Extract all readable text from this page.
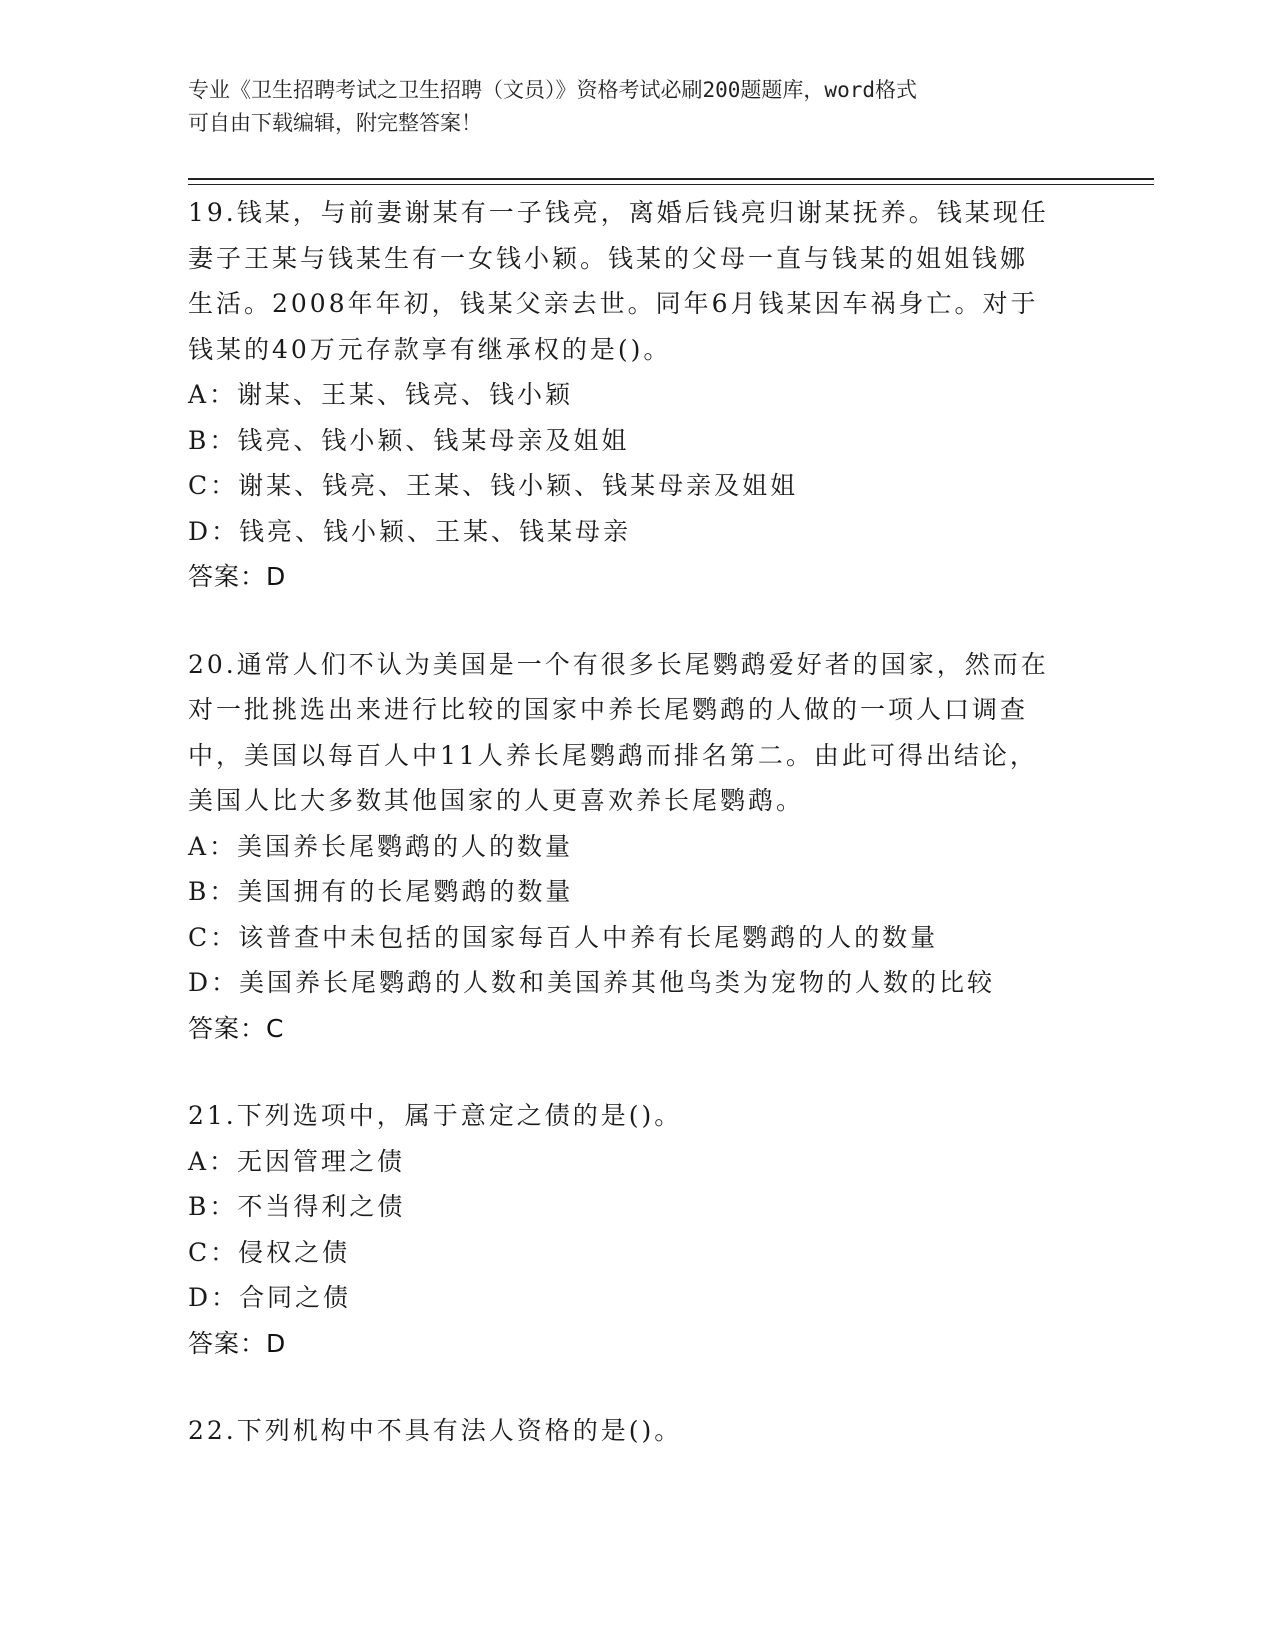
专业《卫生招聘考试之卫生招聘（文员）》资格考试必刷200题题库，word格式

可自由下载编辑，附完整答案！

19.钱某，与前妻谢某有一子钱亮，离婚后钱亮归谢某抚养。钱某现任

妻子王某与钱某生有一女钱小颖。钱某的父母一直与钱某的姐姐钱娜

生活。2008年年初，钱某父亲去世。同年6月钱某因车祸身亡。对于

钱某的40万元存款享有继承权的是()。

A：谢某、王某、钱亮、钱小颖

B：钱亮、钱小颖、钱某母亲及姐姐

C：谢某、钱亮、王某、钱小颖、钱某母亲及姐姐

D：钱亮、钱小颖、王某、钱某母亲

答案：D

20.通常人们不认为美国是一个有很多长尾鹦鹉爱好者的国家，然而在

对一批挑选出来进行比较的国家中养长尾鹦鹉的人做的一项人口调查

中，美国以每百人中11人养长尾鹦鹉而排名第二。由此可得出结论，

美国人比大多数其他国家的人更喜欢养长尾鹦鹉。

A：美国养长尾鹦鹉的人的数量

B：美国拥有的长尾鹦鹉的数量

C：该普查中未包括的国家每百人中养有长尾鹦鹉的人的数量

D：美国养长尾鹦鹉的人数和美国养其他鸟类为宠物的人数的比较

答案：C

21.下列选项中，属于意定之债的是()。

A：无因管理之债

B：不当得利之债

C：侵权之债

D：合同之债

答案：D

22.下列机构中不具有法人资格的是()。
